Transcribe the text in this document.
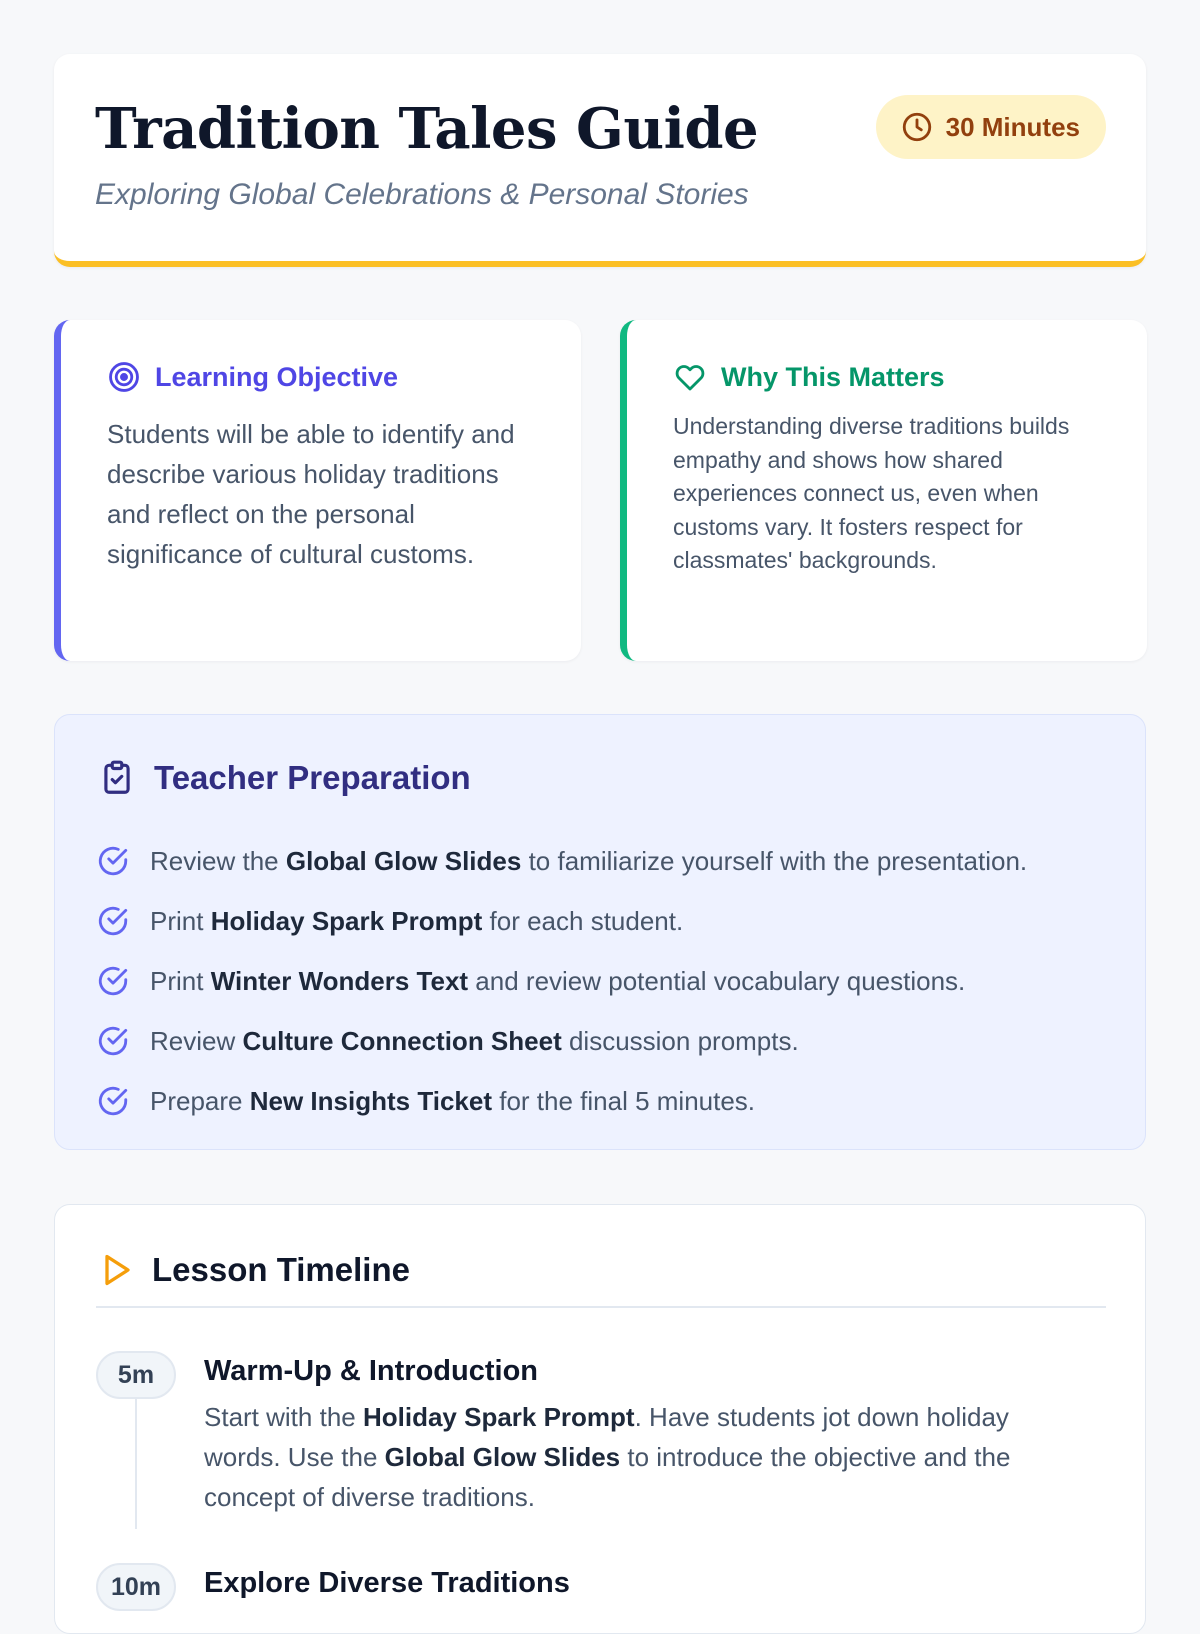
Tradition Tales Guide
Exploring Global Celebrations & Personal Stories
30 Minutes
Learning Objective
Students will be able to identify and describe various holiday traditions and reflect on the personal significance of cultural customs.
Why This Matters
Understanding diverse traditions builds empathy and shows how shared experiences connect us, even when customs vary. It fosters respect for classmates' backgrounds.
Teacher Preparation
Review the Global Glow Slides to familiarize yourself with the presentation.
Print Holiday Spark Prompt for each student.
Print Winter Wonders Text and review potential vocabulary questions.
Review Culture Connection Sheet discussion prompts.
Prepare New Insights Ticket for the final 5 minutes.
Lesson Timeline
5m	Warm-Up & Introduction
Start with the Holiday Spark Prompt. Have students jot down holiday words. Use the Global Glow Slides to introduce the objective and the concept of diverse traditions.
10m	Explore Diverse Traditions
